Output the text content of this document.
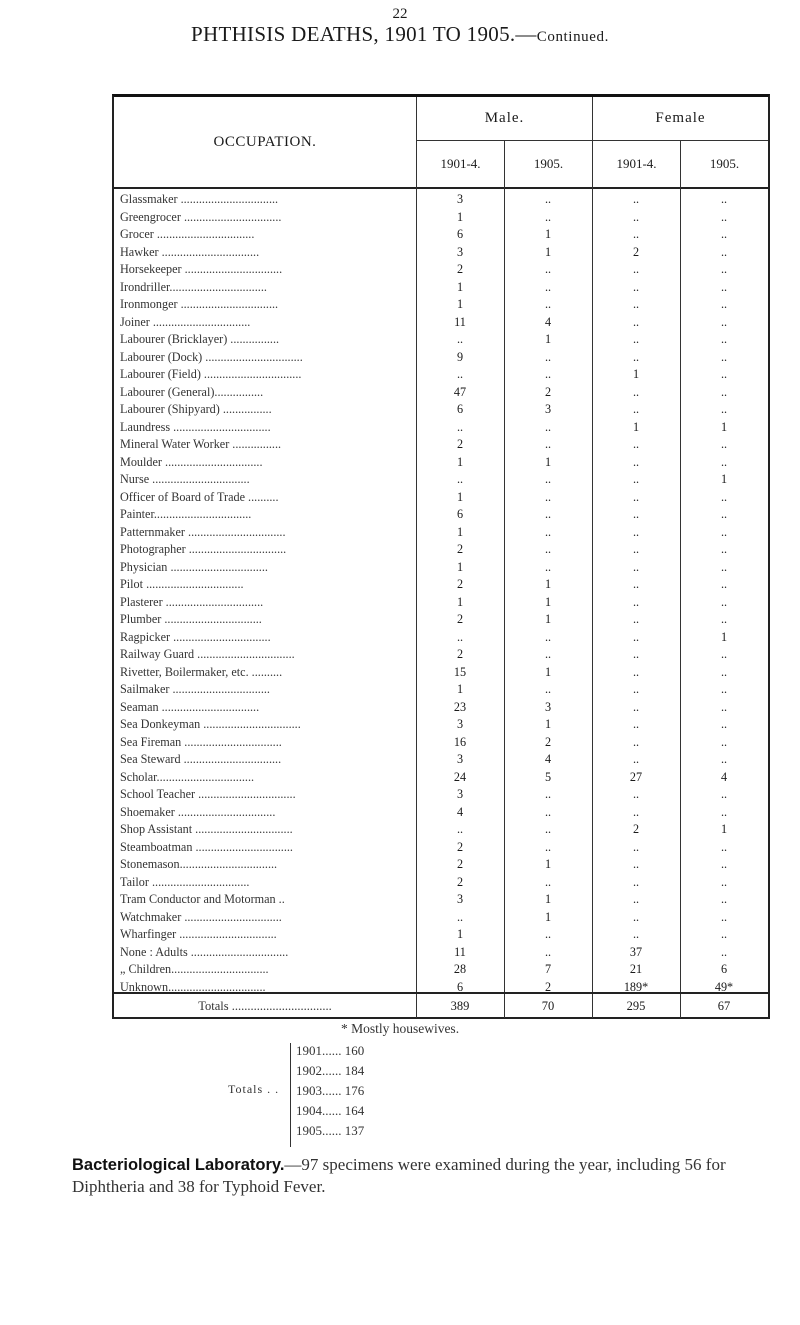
22
PHTHISIS DEATHS, 1901 TO 1905.—Continued.
OCCUPATION.
Male.	Female
1901-4.	1905.	1901-4.	1905.
Glassmaker ................................	3	..	..	..
Greengrocer ................................	1	..	..	..
Grocer ................................	6	1	..	..
Hawker ................................	3	1	2	..
Horsekeeper ................................	2	..	..	..
Irondriller................................	1	..	..	..
Ironmonger ................................	1	..	..	..
Joiner ................................	11	4	..	..
Labourer (Bricklayer) ................	..	1	..	..
Labourer (Dock) ................................	9	..	..	..
Labourer (Field) ................................	..	..	1	..
Labourer (General)................	47	2	..	..
Labourer (Shipyard) ................	6	3	..	..
Laundress ................................	..	..	1	1
Mineral Water Worker ................	2	..	..	..
Moulder ................................	1	1	..	..
Nurse ................................	..	..	..	1
Officer of Board of Trade ..........	1	..	..	..
Painter................................	6	..	..	..
Patternmaker ................................	1	..	..	..
Photographer ................................	2	..	..	..
Physician ................................	1	..	..	..
Pilot ................................	2	1	..	..
Plasterer ................................	1	1	..	..
Plumber ................................	2	1	..	..
Ragpicker ................................	..	..	..	1
Railway Guard ................................	2	..	..	..
Rivetter, Boilermaker, etc. ..........	15	1	..	..
Sailmaker ................................	1	..	..	..
Seaman ................................	23	3	..	..
Sea Donkeyman ................................	3	1	..	..
Sea Fireman ................................	16	2	..	..
Sea Steward ................................	3	4	..	..
Scholar................................	24	5	27	4
School Teacher ................................	3	..	..	..
Shoemaker ................................	4	..	..	..
Shop Assistant ................................	..	..	2	1
Steamboatman ................................	2	..	..	..
Stonemason................................	2	1	..	..
Tailor ................................	2	..	..	..
Tram Conductor and Motorman ..	3	1	..	..
Watchmaker ................................	..	1	..	..
Wharfinger ................................	1	..	..	..
None : Adults ................................	11	..	37	..
„ Children................................	28	7	21	6
Unknown................................	6	2	189*	49*
Totals ................................	389	70	295	67
* Mostly housewives.
Totals . .
1901...... 160
1902...... 184
1903...... 176
1904...... 164
1905...... 137
Bacteriological Laboratory.—97 specimens were examined during the year, including 56 for Diphtheria and 38 for Typhoid Fever.
